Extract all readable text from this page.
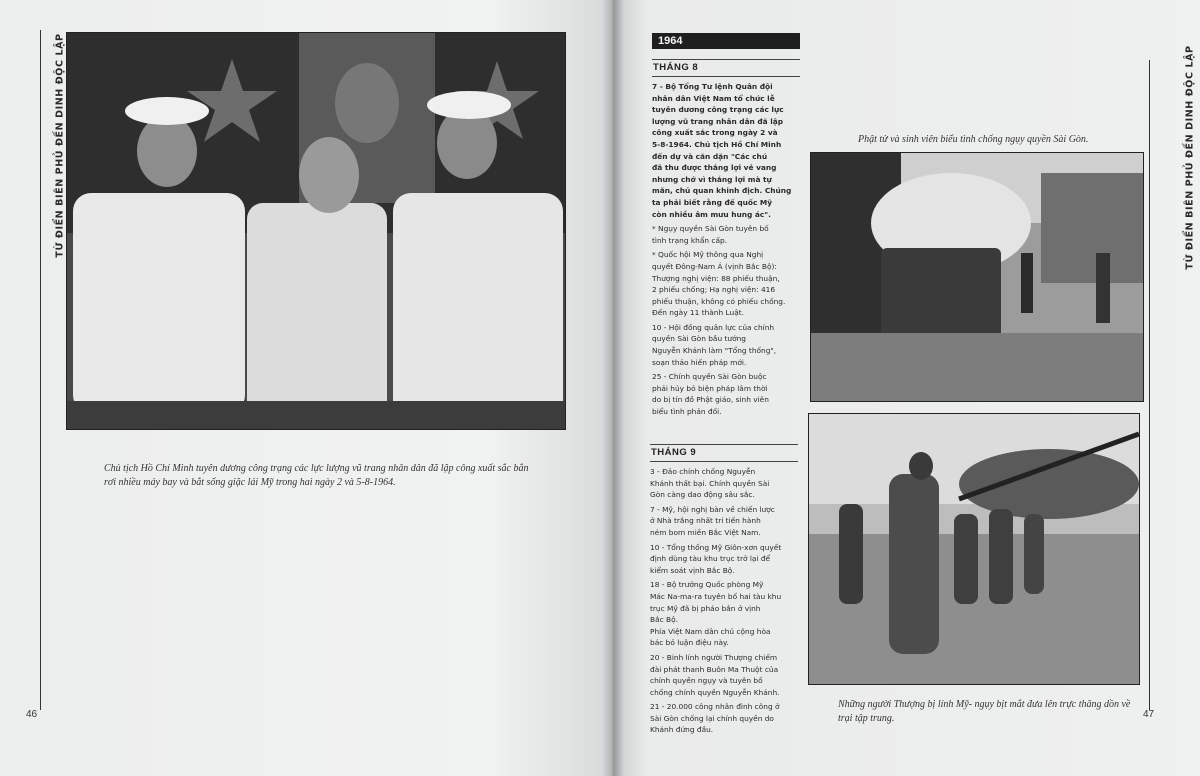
TỪ ĐIỂN BIÊN PHỦ ĐẾN DINH ĐỘC LẬP
46
TỪ ĐIỂN BIÊN PHỦ ĐẾN DINH ĐỘC LẬP
47
Chủ tịch Hồ Chí Minh tuyên dương công trạng các lực lượng vũ trang nhân dân đã lập công xuất sắc bắn rơi nhiều máy bay và bắt sống giặc lái Mỹ trong hai ngày 2 và 5-8-1964.
1964
THÁNG 8
7 - Bộ Tổng Tư lệnh Quân đội
nhân dân Việt Nam tổ chức lễ
tuyên dương công trạng các lực
lượng vũ trang nhân dân đã lập
công xuất sắc trong ngày 2 và
5-8-1964. Chủ tịch Hồ Chí Minh
đến dự và căn dặn "Các chú
đã thu được thắng lợi vẻ vang
nhưng chớ vì thắng lợi mà tự
mãn, chủ quan khinh địch. Chúng
ta phải biết rằng đế quốc Mỹ
còn nhiều âm mưu hung ác".
* Ngụy quyền Sài Gòn tuyên bố
tình trạng khẩn cấp.
* Quốc hội Mỹ thông qua Nghị
quyết Đông-Nam Á (vịnh Bắc Bộ):
Thượng nghị viện: 88 phiếu thuận,
2 phiếu chống; Hạ nghị viện: 416
phiếu thuận, không có phiếu chống.
Đến ngày 11 thành Luật.
10 - Hội đồng quân lực của chính
quyền Sài Gòn bầu tướng
Nguyễn Khánh làm "Tổng thống",
soạn thảo hiến pháp mới.
25 - Chính quyền Sài Gòn buộc
phải hủy bỏ biện pháp lâm thời
do bị tín đồ Phật giáo, sinh viên
biểu tình phản đối.
THÁNG 9
3 - Đảo chính chống Nguyễn
Khánh thất bại. Chính quyền Sài
Gòn càng dao động sâu sắc.
7 - Mỹ, hội nghị bàn về chiến lược
ở Nhà trắng nhất trí tiến hành
ném bom miền Bắc Việt Nam.
10 - Tổng thống Mỹ Giôn-xơn quyết
định dùng tàu khu trục trở lại để
kiểm soát vịnh Bắc Bộ.
18 - Bộ trưởng Quốc phòng Mỹ
Mác Na-ma-ra tuyên bố hai tàu khu
trục Mỹ đã bị pháo bắn ở vịnh
Bắc Bộ.
Phía Việt Nam dân chủ cộng hòa
bác bỏ luận điệu này.
20 - Binh lính người Thượng chiếm
đài phát thanh Buôn Ma Thuột của
chính quyền ngụy và tuyên bố
chống chính quyền Nguyễn Khánh.
21 - 20.000 công nhân đình công ở
Sài Gòn chống lại chính quyền do
Khánh đứng đầu.
Phật tử và sinh viên biểu tình chống ngụy quyền Sài Gòn.
Những người Thượng bị lính Mỹ- ngụy bịt mắt đưa lên trực thăng dồn về trại tập trung.
